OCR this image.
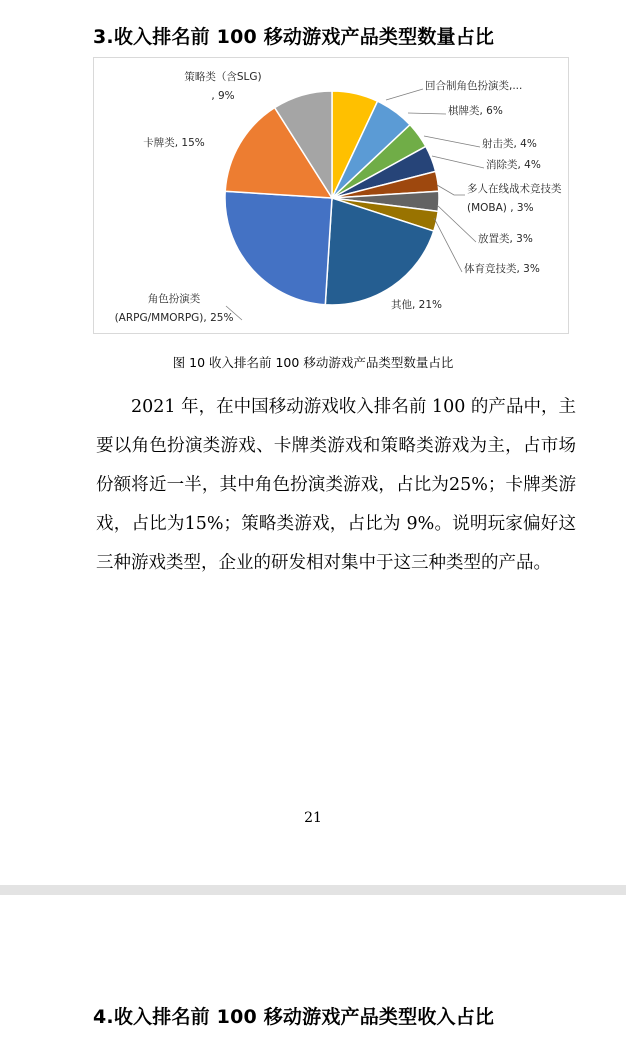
3.收入排名前 100 移动游戏产品类型数量占比
回合制角色扮演类,...
棋牌类, 6%
射击类, 4%
消除类, 4%
多人在线战术竞技类
(MOBA) , 3%
放置类, 3%
体育竞技类, 3%
其他, 21%
角色扮演类
(ARPG/MMORPG), 25%
卡牌类, 15%
策略类（含SLG)
, 9%
图 10 收入排名前 100 移动游戏产品类型数量占比

2021 年，在中国移动游戏收入排名前 100 的产品中，主要以角色扮演类游戏、卡牌类游戏和策略类游戏为主，占市场份额将近一半，其中角色扮演类游戏，占比为25%；卡牌类游戏，占比为15%；策略类游戏，占比为 9%。说明玩家偏好这三种游戏类型，企业的研发相对集中于这三种类型的产品。

21
4.收入排名前 100 移动游戏产品类型收入占比
